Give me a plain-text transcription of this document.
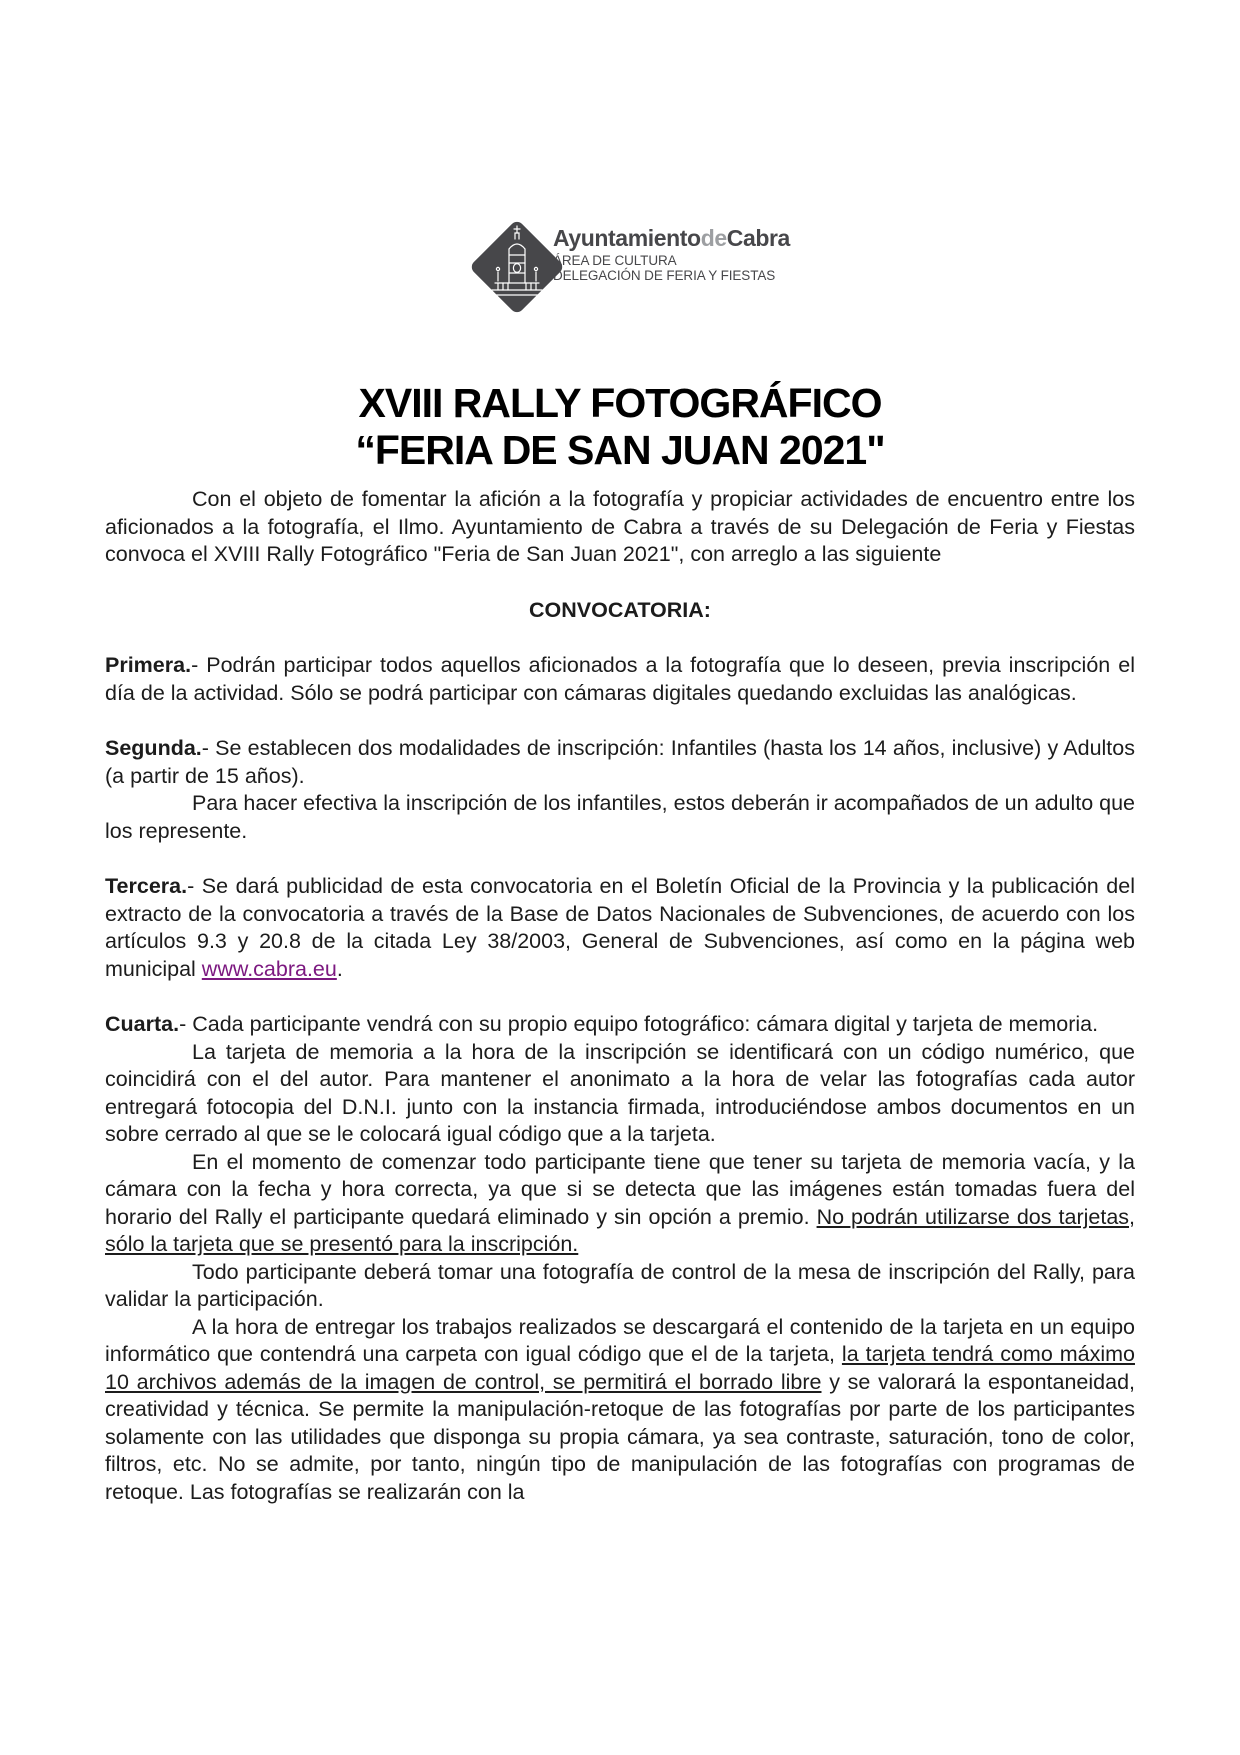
AyuntamientodeCabra
ÁREA DE CULTURA
DELEGACIÓN DE FERIA Y FIESTAS
XVIII RALLY FOTOGRÁFICO
“FERIA DE SAN JUAN 2021"

Con el objeto de fomentar la afición a la fotografía y propiciar actividades de encuentro entre los aficionados a la fotografía, el Ilmo. Ayuntamiento de Cabra a través de su Delegación de Feria y Fiestas convoca el XVIII Rally Fotográfico "Feria de San Juan 2021", con arreglo a las siguiente

CONVOCATORIA:

Primera.- Podrán participar todos aquellos aficionados a la fotografía que lo deseen, previa inscripción el día de la actividad. Sólo se podrá participar con cámaras digitales quedando excluidas las analógicas.

Segunda.- Se establecen dos modalidades de inscripción: Infantiles (hasta los 14 años, inclusive) y Adultos (a partir de 15 años).

Para hacer efectiva la inscripción de los infantiles, estos deberán ir acompañados de un adulto que los represente.

Tercera.- Se dará publicidad de esta convocatoria en el Boletín Oficial de la Provincia y la publicación del extracto de la convocatoria a través de la Base de Datos Nacionales de Subvenciones, de acuerdo con los artículos 9.3 y 20.8 de la citada Ley 38/2003, General de Subvenciones, así como en la página web municipal www.cabra.eu.

Cuarta.- Cada participante vendrá con su propio equipo fotográfico: cámara digital y tarjeta de memoria.

La tarjeta de memoria a la hora de la inscripción se identificará con un código numérico, que coincidirá con el del autor. Para mantener el anonimato a la hora de velar las fotografías cada autor entregará fotocopia del D.N.I. junto con la instancia firmada, introduciéndose ambos documentos en un sobre cerrado al que se le colocará igual código que a la tarjeta.

En el momento de comenzar todo participante tiene que tener su tarjeta de memoria vacía, y la cámara con la fecha y hora correcta, ya que si se detecta que las imágenes están tomadas fuera del horario del Rally el participante quedará eliminado y sin opción a premio. No podrán utilizarse dos tarjetas, sólo la tarjeta que se presentó para la inscripción.

Todo participante deberá tomar una fotografía de control de la mesa de inscripción del Rally, para validar la participación.

A la hora de entregar los trabajos realizados se descargará el contenido de la tarjeta en un equipo informático que contendrá una carpeta con igual código que el de la tarjeta, la tarjeta tendrá como máximo 10 archivos además de la imagen de control, se permitirá el borrado libre y se valorará la espontaneidad, creatividad y técnica. Se permite la manipulación-retoque de las fotografías por parte de los participantes solamente con las utilidades que disponga su propia cámara, ya sea contraste, saturación, tono de color, filtros, etc. No se admite, por tanto, ningún tipo de manipulación de las fotografías con programas de retoque. Las fotografías se realizarán con la
